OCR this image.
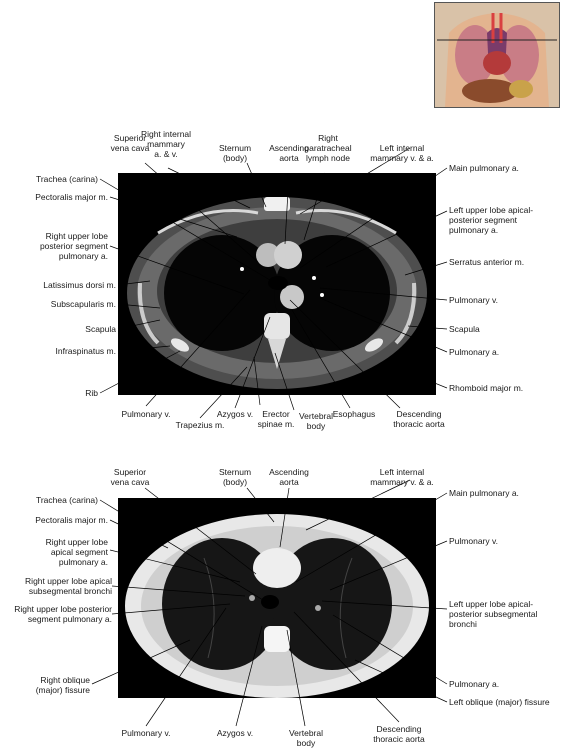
Superior
vena cava
Right internal
mammary
a. & v.
Sternum
(body)
Ascending
aorta
Right
paratracheal
lymph node
Left internal
mammary v. & a.
Main pulmonary a.
Trachea (carina)
Pectoralis major m.
Left upper lobe apical-
posterior segment
pulmonary a.
Right upper lobe
posterior segment
pulmonary a.
Serratus anterior m.
Latissimus dorsi m.
Pulmonary v.
Subscapularis m.
Scapula	Scapula
Infraspinatus m.	Pulmonary a.
Rib	Rhomboid major m.
Pulmonary v.
Trapezius m.
Azygos v.	Erector
spinae m.
Vertebral
body
Esophagus	Descending
thoracic aorta
Superior
vena cava
Sternum
(body)
Ascending
aorta
Left internal
mammary v. & a.
Main pulmonary a.
Trachea (carina)
Pectoralis major m.
Pulmonary v.
Right upper lobe
apical segment
pulmonary a.
Right upper lobe apical
subsegmental bronchi
Left upper lobe apical-
posterior subsegmental
bronchi
Right upper lobe posterior
segment pulmonary a.
Right oblique
(major) fissure
Pulmonary a.
Left oblique (major) fissure
Pulmonary v.	Azygos v.	Vertebral
body
Descending
thoracic aorta
